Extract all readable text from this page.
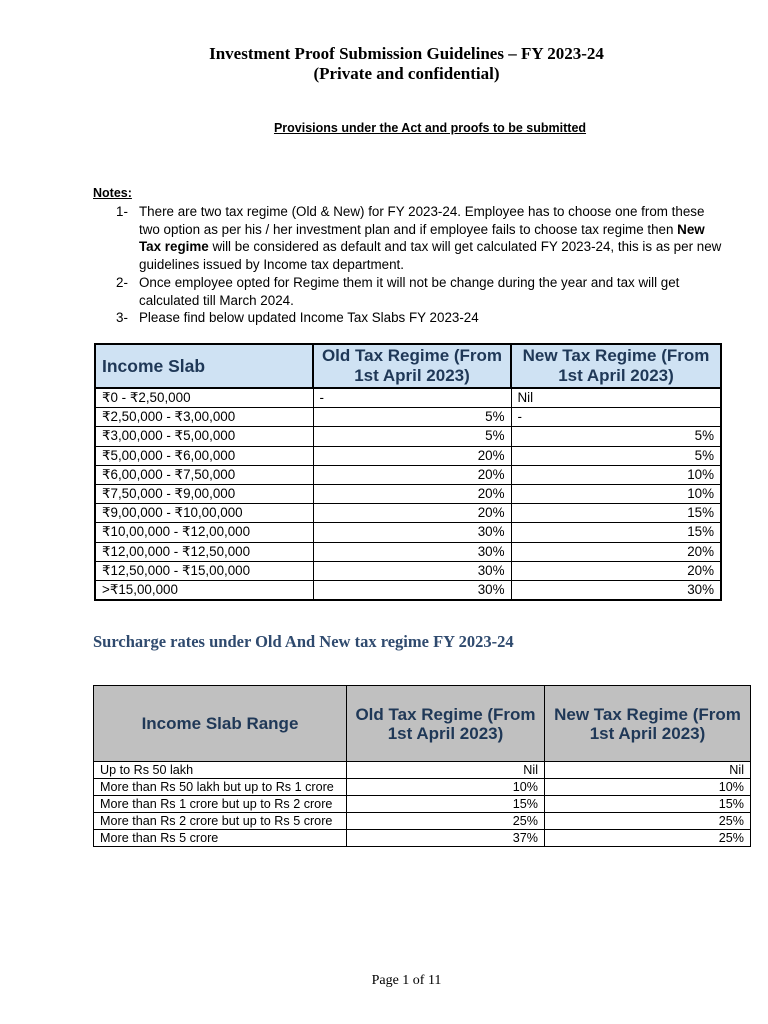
Investment Proof Submission Guidelines – FY 2023-24
(Private and confidential)
Provisions under the Act and proofs to be submitted
Notes:
1- There are two tax regime (Old & New) for FY 2023-24. Employee has to choose one from these two option as per his / her investment plan and if employee fails to choose tax regime then New Tax regime will be considered as default and tax will get calculated FY 2023-24, this is as per new guidelines issued by Income tax department.
2- Once employee opted for Regime them it will not be change during the year and tax will get calculated till March 2024.
3- Please find below updated Income Tax Slabs FY 2023-24
Income Slab	Old Tax Regime (From 1st April 2023)	New Tax Regime (From 1st April 2023)
₹0 - ₹2,50,000	-	Nil
₹2,50,000 - ₹3,00,000	5%	-
₹3,00,000 - ₹5,00,000	5%	5%
₹5,00,000 - ₹6,00,000	20%	5%
₹6,00,000 - ₹7,50,000	20%	10%
₹7,50,000 - ₹9,00,000	20%	10%
₹9,00,000 - ₹10,00,000	20%	15%
₹10,00,000 - ₹12,00,000	30%	15%
₹12,00,000 - ₹12,50,000	30%	20%
₹12,50,000 - ₹15,00,000	30%	20%
>₹15,00,000	30%	30%
Surcharge rates under Old And New tax regime FY 2023-24
Income Slab Range	Old Tax Regime (From 1st April 2023)	New Tax Regime (From 1st April 2023)
Up to Rs 50 lakh	Nil	Nil
More than Rs 50 lakh but up to Rs 1 crore	10%	10%
More than Rs 1 crore but up to Rs 2 crore	15%	15%
More than Rs 2 crore but up to Rs 5 crore	25%	25%
More than Rs 5 crore	37%	25%
Page 1 of 11
